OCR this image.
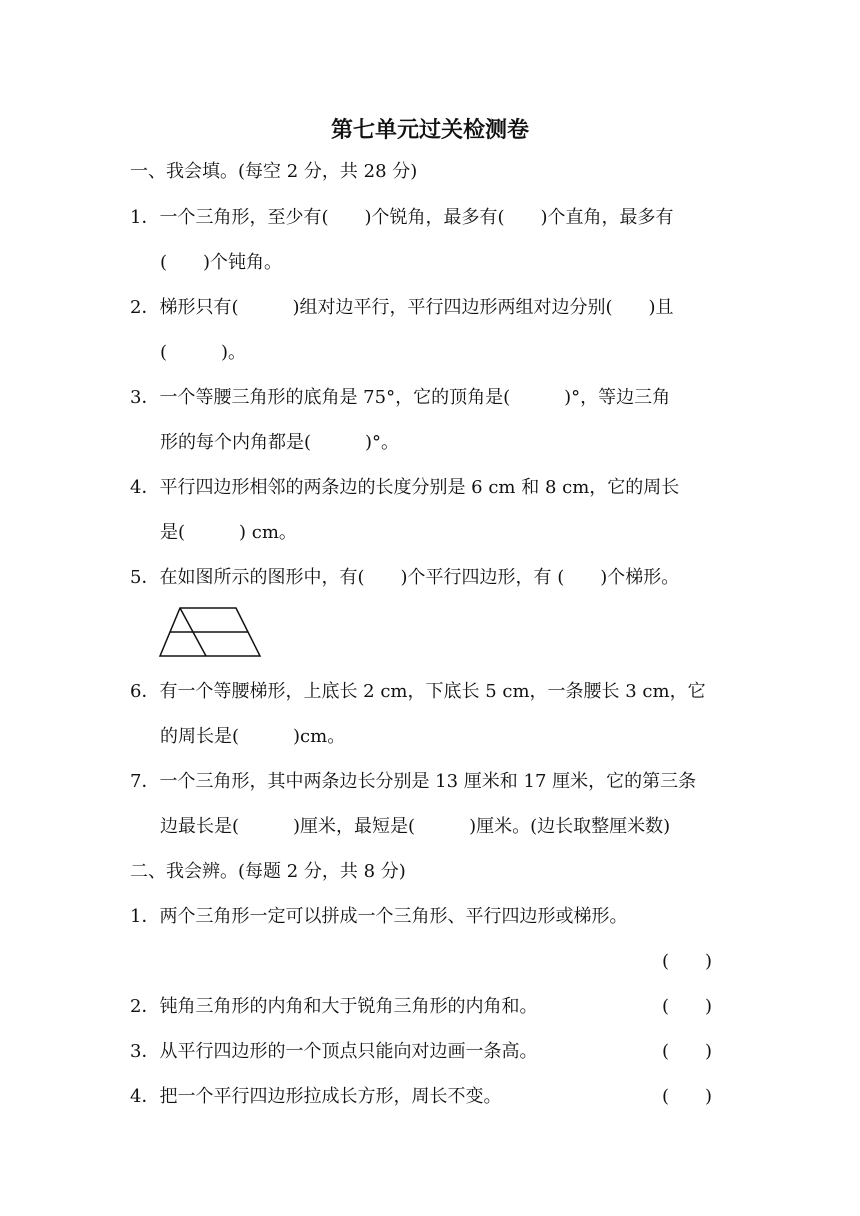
第七单元过关检测卷
一、我会填。(每空 2 分，共 28 分)
1．一个三角形，至少有(　　)个锐角，最多有(　　)个直角，最多有
(　　)个钝角。
2．梯形只有(　　　)组对边平行，平行四边形两组对边分别(　　)且
(　　　)。
3．一个等腰三角形的底角是 75°，它的顶角是(　　　)°，等边三角
形的每个内角都是(　　　)°。
4．平行四边形相邻的两条边的长度分别是 6 cm 和 8 cm，它的周长
是(　　　) cm。
5．在如图所示的图形中，有(　　)个平行四边形，有 (　　)个梯形。
6．有一个等腰梯形，上底长 2 cm，下底长 5 cm，一条腰长 3 cm，它
的周长是(　　　)cm。
7．一个三角形，其中两条边长分别是 13 厘米和 17 厘米，它的第三条
边最长是(　　　)厘米，最短是(　　　)厘米。(边长取整厘米数)
二、我会辨。(每题 2 分，共 8 分)
1．两个三角形一定可以拼成一个三角形、平行四边形或梯形。
(　　)
2．钝角三角形的内角和大于锐角三角形的内角和。	(　　)
3．从平行四边形的一个顶点只能向对边画一条高。	(　　)
4．把一个平行四边形拉成长方形，周长不变。	(　　)
